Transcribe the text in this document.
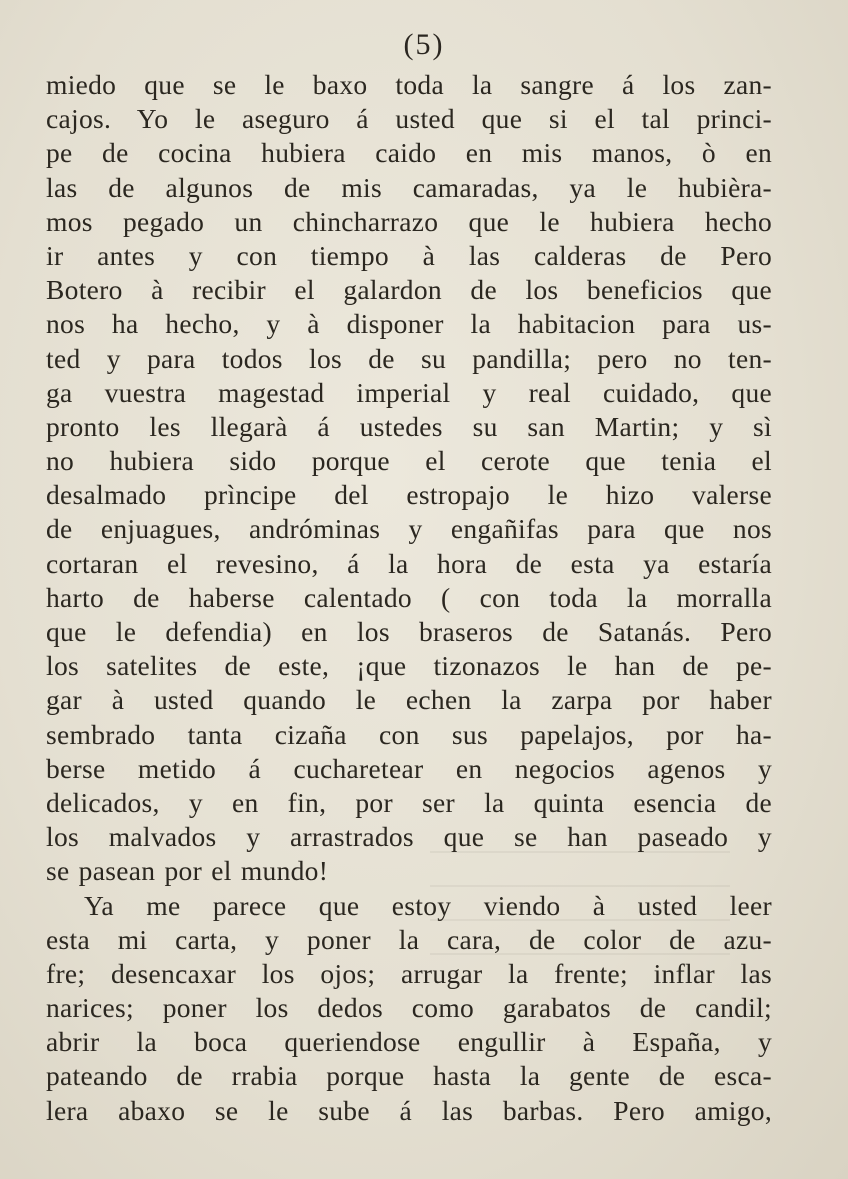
(5)
miedo que se le baxo toda la sangre á los zan-
cajos. Yo le aseguro á usted que si el tal princi-
pe de cocina hubiera caido en mis manos, ò en
las de algunos de mis camaradas, ya le hubièra-
mos pegado un chincharrazo que le hubiera hecho
ir antes y con tiempo à las calderas de Pero
Botero à recibir el galardon de los beneficios que
nos ha hecho, y à disponer la habitacion para us-
ted y para todos los de su pandilla; pero no ten-
ga vuestra magestad imperial y real cuidado, que
pronto les llegarà á ustedes su san Martin; y sì
no hubiera sido porque el cerote que tenia el
desalmado prìncipe del estropajo le hizo valerse
de enjuagues, andróminas y engañifas para que nos
cortaran el revesino, á la hora de esta ya estaría
harto de haberse calentado ( con toda la morralla
que le defendia) en los braseros de Satanás. Pero
los satelites de este, ¡que tizonazos le han de pe-
gar à usted quando le echen la zarpa por haber
sembrado tanta cizaña con sus papelajos, por ha-
berse metido á cucharetear en negocios agenos y
delicados, y en fin, por ser la quinta esencia de
los malvados y arrastrados que se han paseado y
se pasean por el mundo!
Ya me parece que estoy viendo à usted leer
esta mi carta, y poner la cara, de color de azu-
fre; desencaxar los ojos; arrugar la frente; inflar las
narices; poner los dedos como garabatos de candil;
abrir la boca queriendose engullir à España, y
pateando de rrabia porque hasta la gente de esca-
lera abaxo se le sube á las barbas. Pero amigo,
